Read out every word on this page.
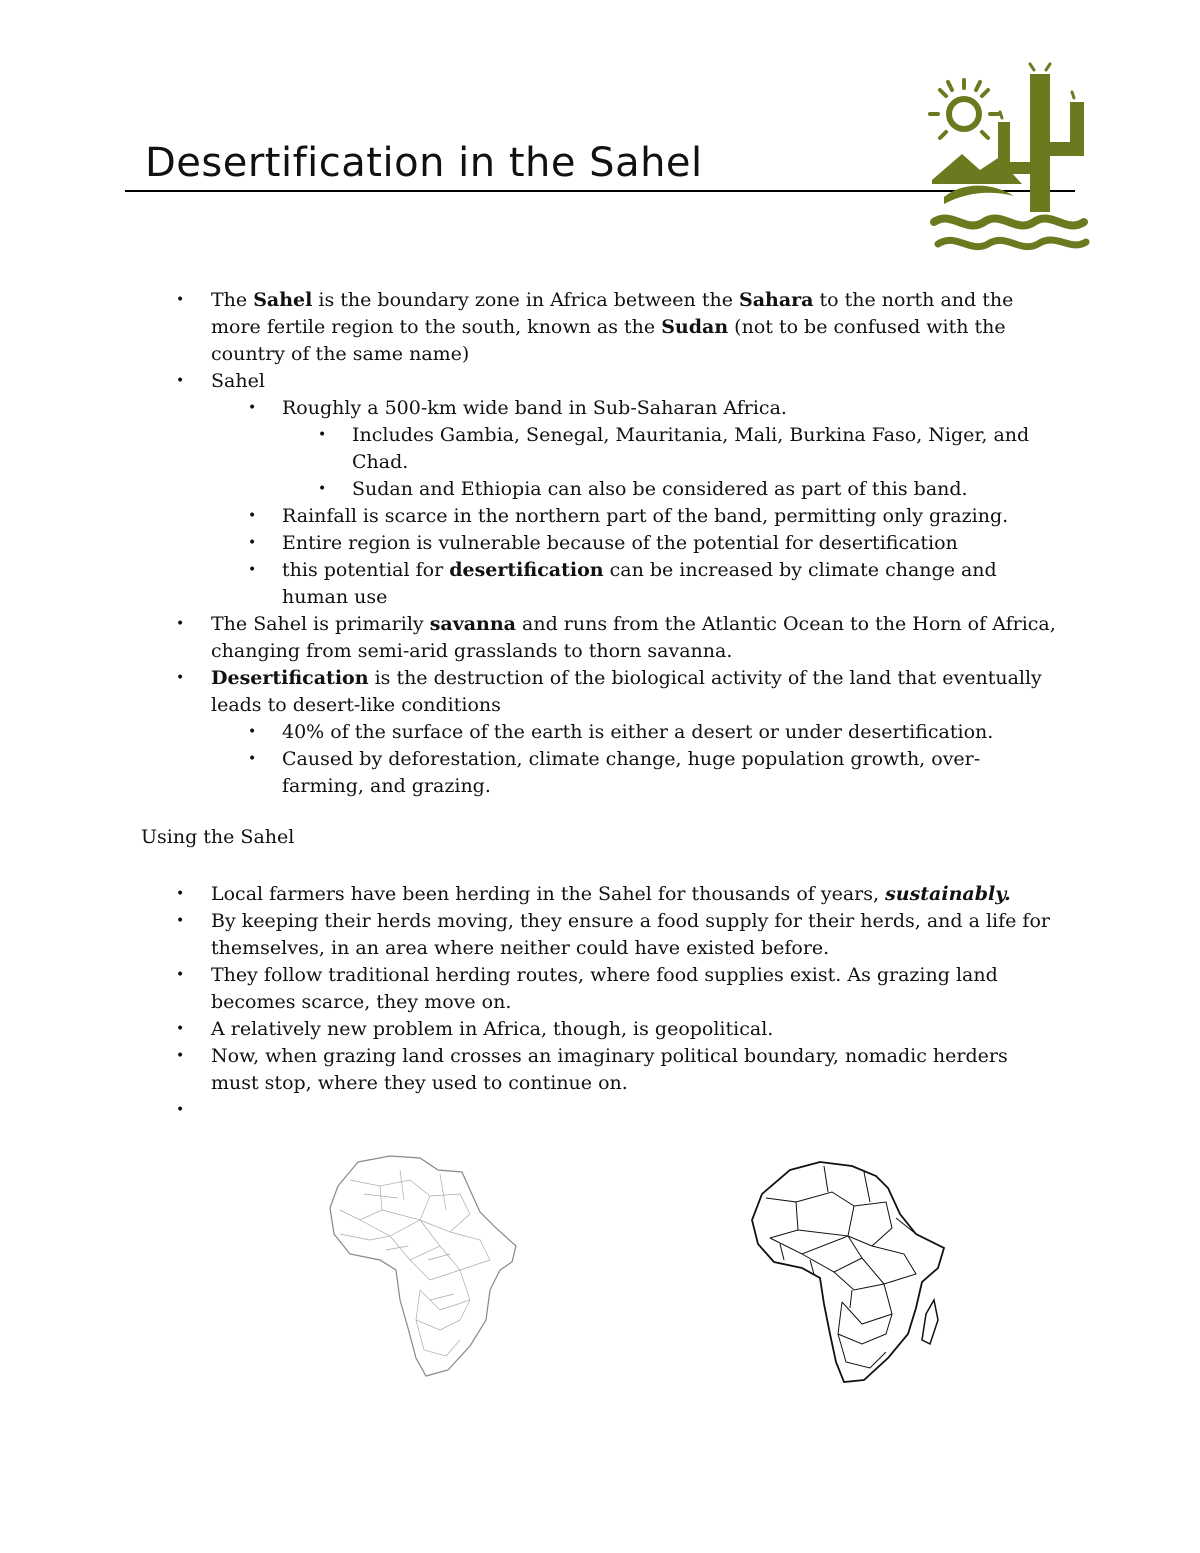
Desertification in the Sahel
• The Sahel is the boundary zone in Africa between the Sahara to the north and the more fertile region to the south, known as the Sudan (not to be confused with the country of the same name)
• Sahel
• Roughly a 500-km wide band in Sub-Saharan Africa.
• Includes Gambia, Senegal, Mauritania, Mali, Burkina Faso, Niger, and Chad.
• Sudan and Ethiopia can also be considered as part of this band.
• Rainfall is scarce in the northern part of the band, permitting only grazing.
• Entire region is vulnerable because of the potential for desertification
• this potential for desertification can be increased by climate change and human use
• The Sahel is primarily savanna and runs from the Atlantic Ocean to the Horn of Africa, changing from semi-arid grasslands to thorn savanna.
• Desertification is the destruction of the biological activity of the land that eventually leads to desert-like conditions
• 40% of the surface of the earth is either a desert or under desertification.
• Caused by deforestation, climate change, huge population growth, over-farming, and grazing.
Using the Sahel
• Local farmers have been herding in the Sahel for thousands of years, sustainably.
• By keeping their herds moving, they ensure a food supply for their herds, and a life for themselves, in an area where neither could have existed before.
• They follow traditional herding routes, where food supplies exist. As grazing land becomes scarce, they move on.
• A relatively new problem in Africa, though, is geopolitical.
• Now, when grazing land crosses an imaginary political boundary, nomadic herders must stop, where they used to continue on.
•
